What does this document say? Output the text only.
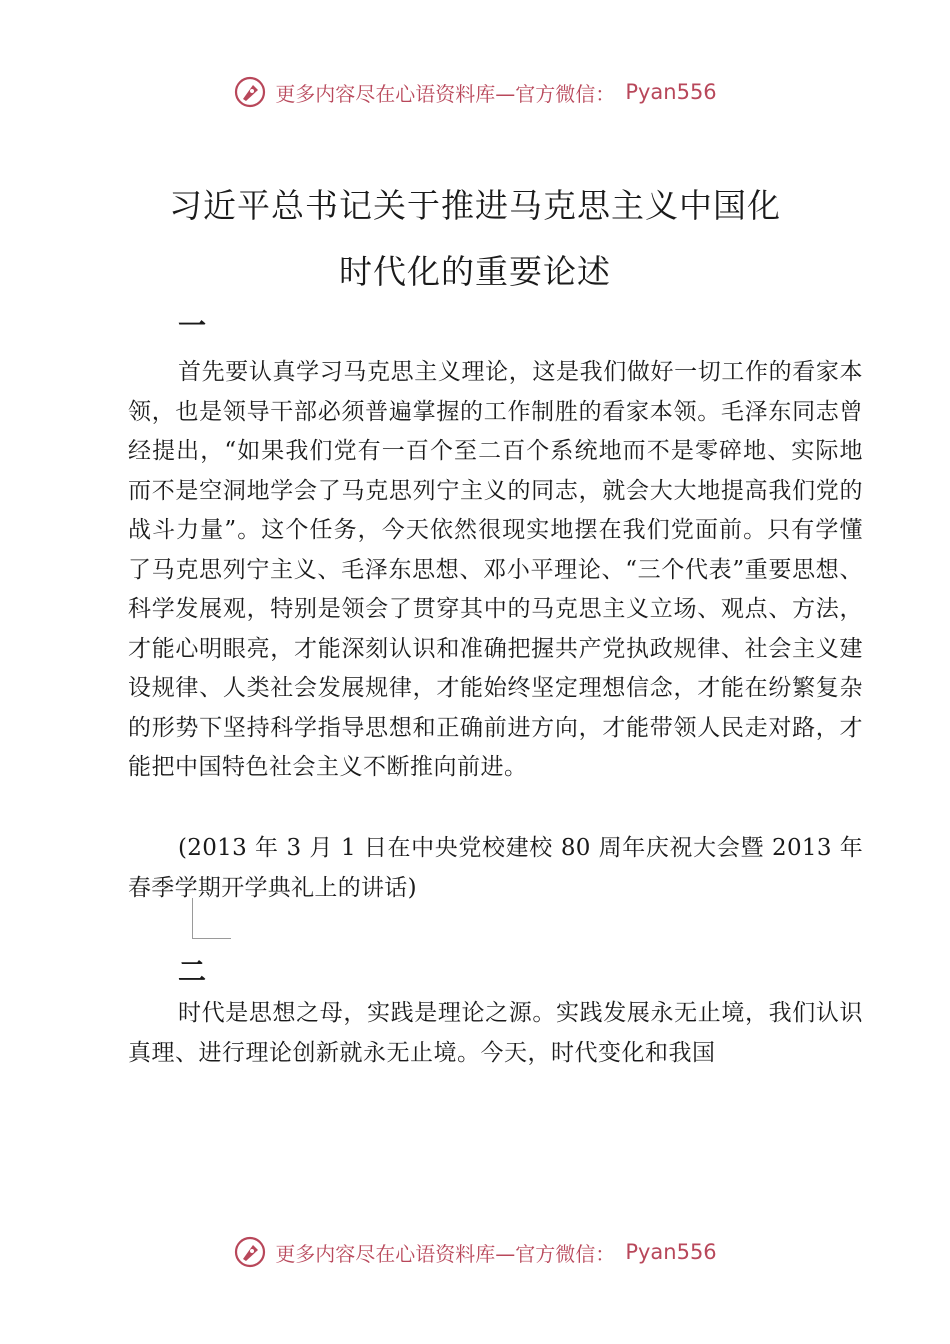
更多内容尽在心语资料库—官方微信： Pyan556
习近平总书记关于推进马克思主义中国化
时代化的重要论述
一
首先要认真学习马克思主义理论，这是我们做好一切工作的看家本领，也是领导干部必须普遍掌握的工作制胜的看家本领。毛泽东同志曾经提出，“如果我们党有一百个至二百个系统地而不是零碎地、实际地而不是空洞地学会了马克思列宁主义的同志，就会大大地提高我们党的战斗力量”。这个任务，今天依然很现实地摆在我们党面前。只有学懂了马克思列宁主义、毛泽东思想、邓小平理论、“三个代表”重要思想、科学发展观，特别是领会了贯穿其中的马克思主义立场、观点、方法，才能心明眼亮，才能深刻认识和准确把握共产党执政规律、社会主义建设规律、人类社会发展规律，才能始终坚定理想信念，才能在纷繁复杂的形势下坚持科学指导思想和正确前进方向，才能带领人民走对路，才能把中国特色社会主义不断推向前进。
(2013 年 3 月 1 日在中央党校建校 80 周年庆祝大会暨 2013 年春季学期开学典礼上的讲话)
二
时代是思想之母，实践是理论之源。实践发展永无止境，我们认识真理、进行理论创新就永无止境。今天，时代变化和我国
更多内容尽在心语资料库—官方微信： Pyan556
